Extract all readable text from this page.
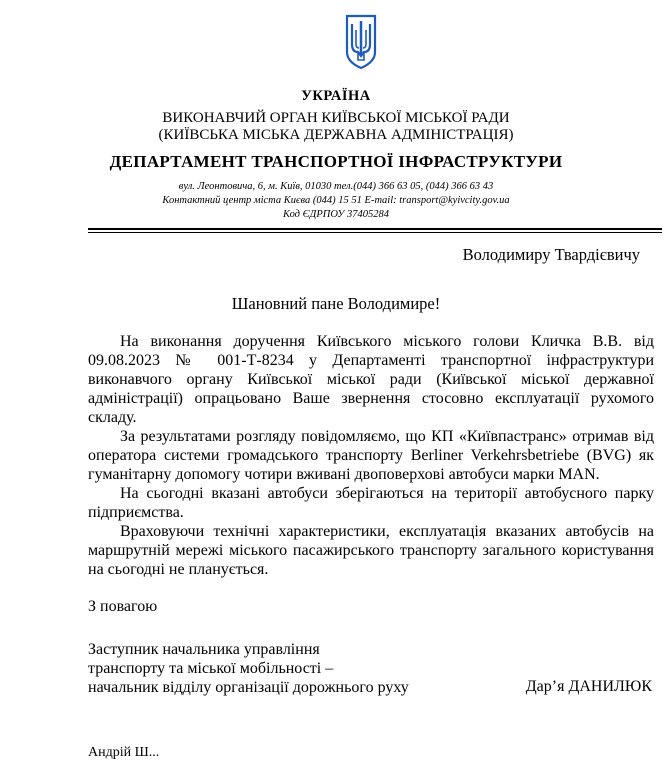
УКРАЇНА
ВИКОНАВЧИЙ ОРГАН КИЇВСЬКОЇ МІСЬКОЇ РАДИ
(КИЇВСЬКА МІСЬКА ДЕРЖАВНА АДМІНІСТРАЦІЯ)
ДЕПАРТАМЕНТ ТРАНСПОРТНОЇ ІНФРАСТРУКТУРИ
вул. Леонтовича, 6, м. Київ, 01030 тел.(044) 366 63 05, (044) 366 63 43
Контактний центр міста Києва (044) 15 51 E-mail: transport@kyivcity.gov.ua
Код ЄДРПОУ 37405284
Володимиру Твардієвичу
Шановний пане Володимире!

На виконання доручення Київського міського голови Кличка В.В. від 09.08.2023 № 001-Т-8234 у Департаменті транспортної інфраструктури виконавчого органу Київської міської ради (Київської міської державної адміністрації) опрацьовано Ваше звернення стосовно експлуатації рухомого складу.

За результатами розгляду повідомляємо, що КП «Київпастранс» отримав від оператора системи громадського транспорту Berliner Verkehrsbetriebe (BVG) як гуманітарну допомогу чотири вживані двоповерхові автобуси марки MAN.

На сьогодні вказані автобуси зберігаються на території автобусного парку підприємства.

Враховуючи технічні характеристики, експлуатація вказаних автобусів на маршрутній мережі міського пасажирського транспорту загального користування на сьогодні не планується.

З повагою
Заступник начальника управління
транспорту та міської мобільності –
начальник відділу організації дорожнього руху	Дар’я ДАНИЛЮК
Андрій Ш...
